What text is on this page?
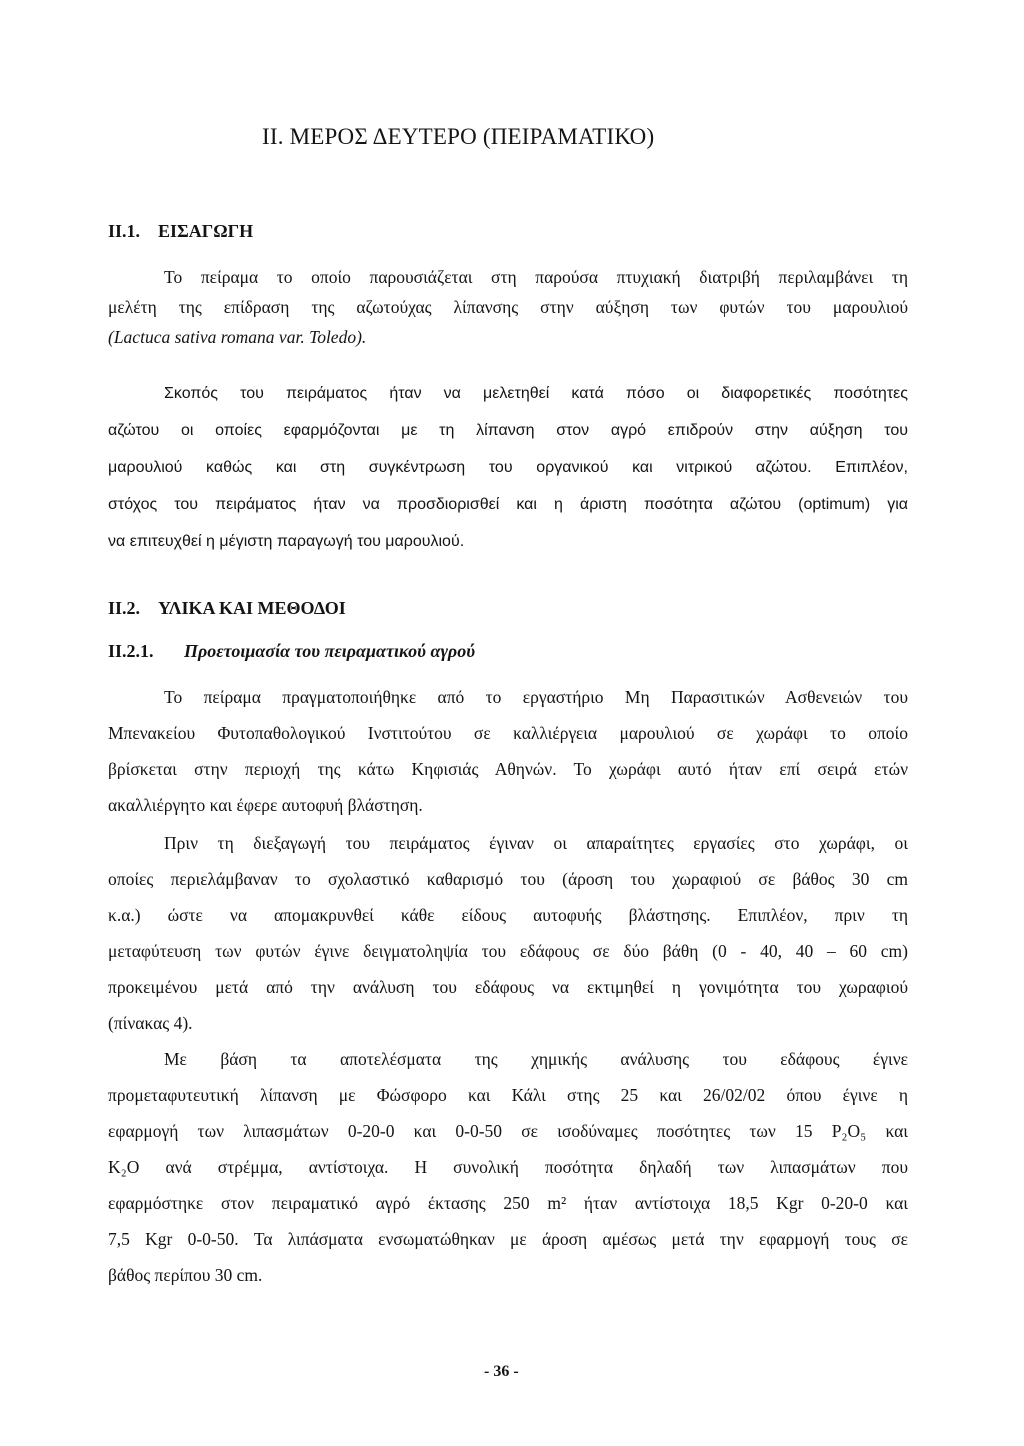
II. ΜΕΡΟΣ ΔΕΥΤΕΡΟ (ΠΕΙΡΑΜΑΤΙΚΟ)
II.1. ΕΙΣΑΓΩΓΗ
Το πείραμα το οποίο παρουσιάζεται στη παρούσα πτυχιακή διατριβή περιλαμβάνει τη
μελέτη της επίδραση της αζωτούχας λίπανσης στην αύξηση των φυτών του μαρουλιού
(Lactuca sativa romana var. Toledo).
Σκοπός του πειράματος ήταν να μελετηθεί κατά πόσο οι διαφορετικές ποσότητες
αζώτου οι οποίες εφαρμόζονται με τη λίπανση στον αγρό επιδρούν στην αύξηση του
μαρουλιού καθώς και στη συγκέντρωση του οργανικού και νιτρικού αζώτου. Επιπλέον,
στόχος του πειράματος ήταν να προσδιορισθεί και η άριστη ποσότητα αζώτου (optimum) για
να επιτευχθεί η μέγιστη παραγωγή του μαρουλιού.
II.2. ΥΛΙΚΑ ΚΑΙ ΜΕΘΟΔΟΙ
II.2.1. Προετοιμασία του πειραματικού αγρού
Το πείραμα πραγματοποιήθηκε από το εργαστήριο Μη Παρασιτικών Ασθενειών του
Μπενακείου Φυτοπαθολογικού Ινστιτούτου σε καλλιέργεια μαρουλιού σε χωράφι το οποίο
βρίσκεται στην περιοχή της κάτω Κηφισιάς Αθηνών. Το χωράφι αυτό ήταν επί σειρά ετών
ακαλλιέργητο και έφερε αυτοφυή βλάστηση.
Πριν τη διεξαγωγή του πειράματος έγιναν οι απαραίτητες εργασίες στο χωράφι, οι
οποίες περιελάμβαναν το σχολαστικό καθαρισμό του (άροση του χωραφιού σε βάθος 30 cm
κ.α.) ώστε να απομακρυνθεί κάθε είδους αυτοφυής βλάστησης. Επιπλέον, πριν τη
μεταφύτευση των φυτών έγινε δειγματοληψία του εδάφους σε δύο βάθη (0 - 40, 40 – 60 cm)
προκειμένου μετά από την ανάλυση του εδάφους να εκτιμηθεί η γονιμότητα του χωραφιού
(πίνακας 4).
Με βάση τα αποτελέσματα της χημικής ανάλυσης του εδάφους έγινε
προμεταφυτευτική λίπανση με Φώσφορο και Κάλι στης 25 και 26/02/02 όπου έγινε η
εφαρμογή των λιπασμάτων 0-20-0 και 0-0-50 σε ισοδύναμες ποσότητες των 15 P₂O₅ και
K₂O ανά στρέμμα, αντίστοιχα. Η συνολική ποσότητα δηλαδή των λιπασμάτων που
εφαρμόστηκε στον πειραματικό αγρό έκτασης 250 m² ήταν αντίστοιχα 18,5 Kgr 0-20-0 και
7,5 Kgr 0-0-50. Τα λιπάσματα ενσωματώθηκαν με άροση αμέσως μετά την εφαρμογή τους σε
βάθος περίπου 30 cm.
- 36 -
